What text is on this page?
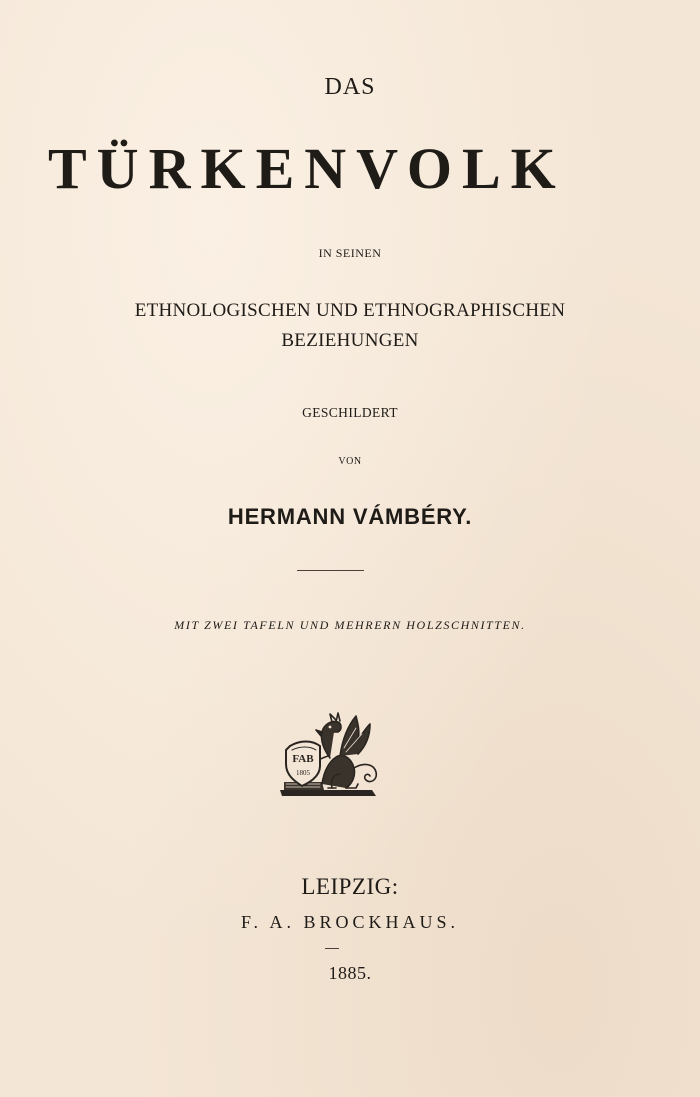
DAS
TÜRKENVOLK
IN SEINEN
ETHNOLOGISCHEN UND ETHNOGRAPHISCHEN
BEZIEHUNGEN
GESCHILDERT
VON
HERMANN VÁMBÉRY.
MIT ZWEI TAFELN UND MEHRERN HOLZSCHNITTEN.
FAB
1805
LEIPZIG:
F. A. BROCKHAUS.
1885.
